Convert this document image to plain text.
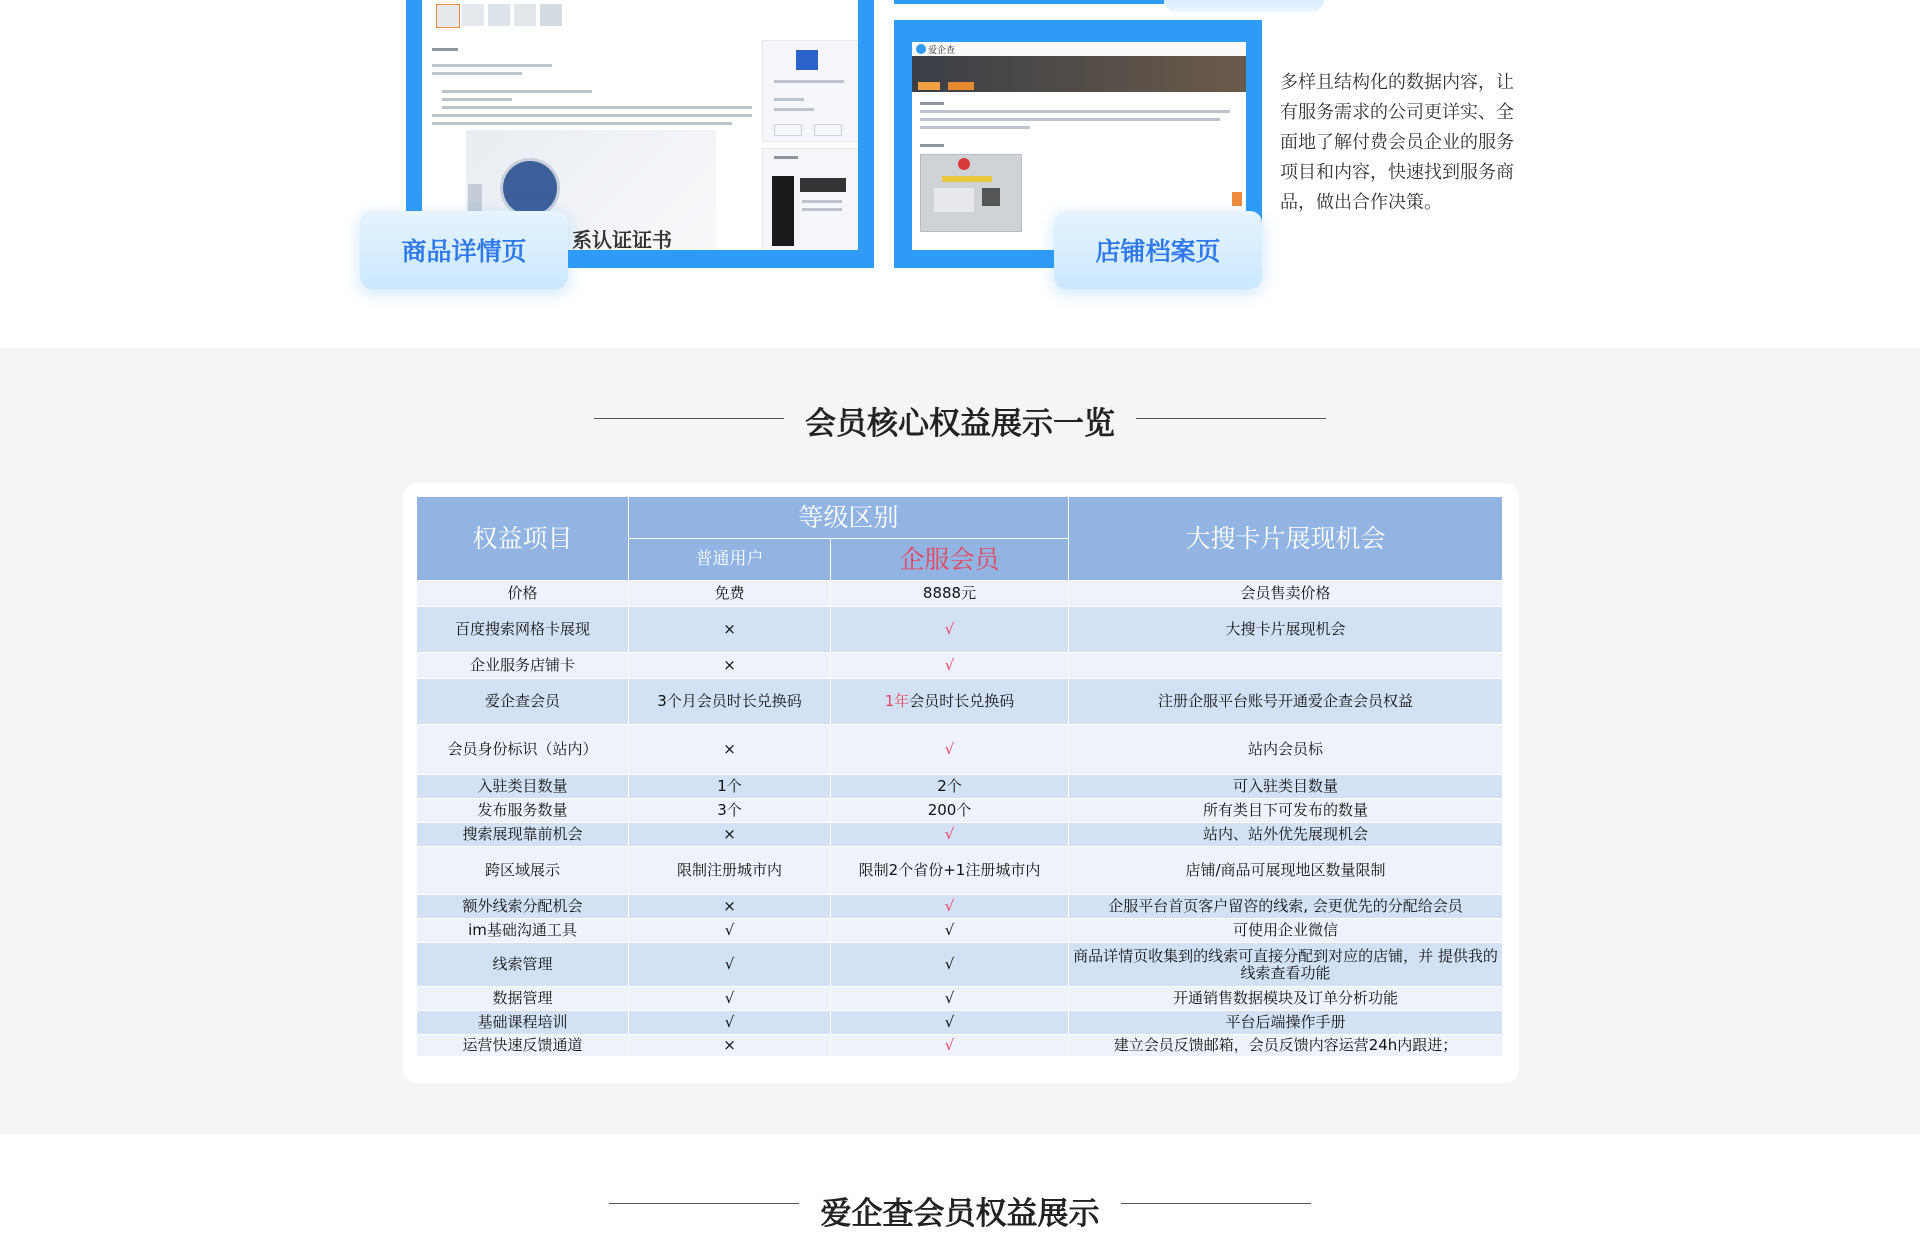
系认证证书
商品详情页
爱企查
店铺档案页
多样且结构化的数据内容，让有服务需求的公司更详实、全面地了解付费会员企业的服务项目和内容，快速找到服务商品，做出合作决策。
会员核心权益展示一览
权益项目	等级区别		大搜卡片展现机会
	普通用户	企服会员	
价格	免费	8888元	会员售卖价格
百度搜索网格卡展现	×	√	大搜卡片展现机会
企业服务店铺卡	×	√	
爱企查会员	3个月会员时长兑换码	1年会员时长兑换码	注册企服平台账号开通爱企查会员权益
会员身份标识（站内）	×	√	站内会员标
入驻类目数量	1个	2个	可入驻类目数量
发布服务数量	3个	200个	所有类目下可发布的数量
搜索展现靠前机会	×	√	站内、站外优先展现机会
跨区域展示	限制注册城市内	限制2个省份+1注册城市内	店铺/商品可展现地区数量限制
额外线索分配机会	×	√	企服平台首页客户留咨的线索, 会更优先的分配给会员
im基础沟通工具	√	√	可使用企业微信
线索管理	√	√	商品详情页收集到的线索可直接分配到对应的店铺，并 提供我的线索查看功能
数据管理	√	√	开通销售数据模块及订单分析功能
基础课程培训	√	√	平台后端操作手册
运营快速反馈通道	×	√	建立会员反馈邮箱，会员反馈内容运营24h内跟进；
爱企查会员权益展示
